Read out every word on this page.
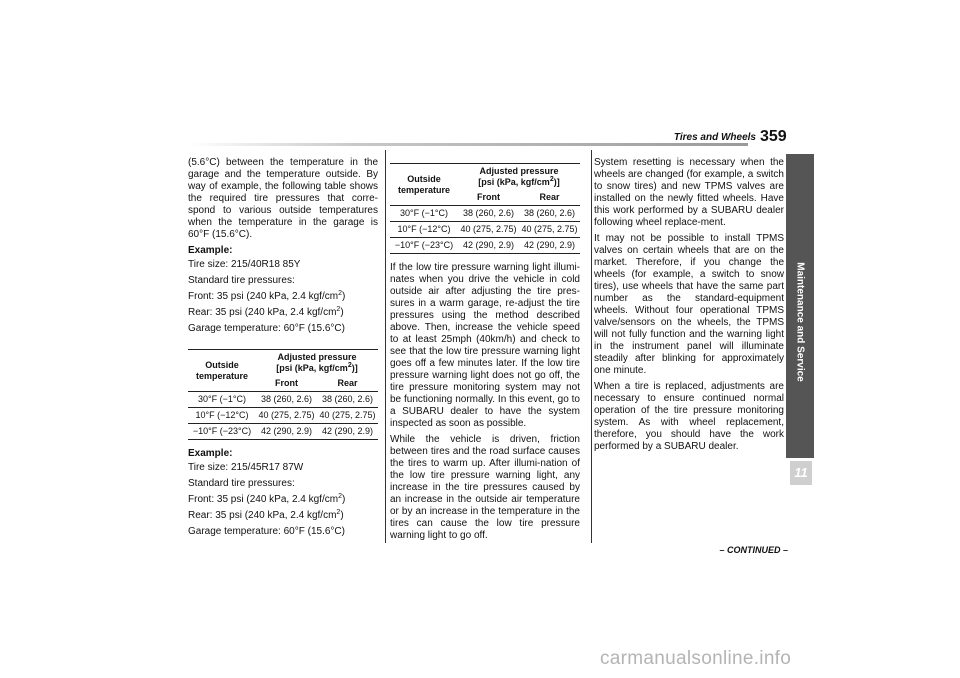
Tires and Wheels 359
Maintenance and Service
11

(5.6°C) between the temperature in the garage and the temperature outside. By way of example, the following table shows the required tire pressures that corre-spond to various outside temperatures when the temperature in the garage is 60°F (15.6°C).

Example:

Tire size: 215/40R18 85Y

Standard tire pressures:

Front: 35 psi (240 kPa, 2.4 kgf/$cm^2$)

Rear: 35 psi (240 kPa, 2.4 kgf/$cm^2$)

Garage temperature: 60°F (15.6°C)

Outside temperature	Adjusted pressure
[psi (kPa, kgf/$cm^2$)]	

	Front	Rear
30°F (−1°C)	38 (260, 2.6)	38 (260, 2.6)
10°F (−12°C)	40 (275, 2.75)	40 (275, 2.75)
−10°F (−23°C)	42 (290, 2.9)	42 (290, 2.9)

Example:

Tire size: 215/45R17 87W

Standard tire pressures:

Front: 35 psi (240 kPa, 2.4 kgf/$cm^2$)

Rear: 35 psi (240 kPa, 2.4 kgf/$cm^2$)

Garage temperature: 60°F (15.6°C)

Outside temperature	Adjusted pressure
[psi (kPa, kgf/$cm^2$)]	

	Front	Rear
30°F (−1°C)	38 (260, 2.6)	38 (260, 2.6)
10°F (−12°C)	40 (275, 2.75)	40 (275, 2.75)
−10°F (−23°C)	42 (290, 2.9)	42 (290, 2.9)

If the low tire pressure warning light illumi-nates when you drive the vehicle in cold outside air after adjusting the tire pres-sures in a warm garage, re-adjust the tire pressures using the method described above. Then, increase the vehicle speed to at least 25mph (40km/h) and check to see that the low tire pressure warning light goes off a few minutes later. If the low tire pressure warning light does not go off, the tire pressure monitoring system may not be functioning normally. In this event, go to a SUBARU dealer to have the system inspected as soon as possible.

While the vehicle is driven, friction between tires and the road surface causes the tires to warm up. After illumi-nation of the low tire pressure warning light, any increase in the tire pressures caused by an increase in the outside air temperature or by an increase in the temperature in the tires can cause the low tire pressure warning light to go off.

System resetting is necessary when the wheels are changed (for example, a switch to snow tires) and new TPMS valves are installed on the newly fitted wheels. Have this work performed by a SUBARU dealer following wheel replace-ment.

It may not be possible to install TPMS valves on certain wheels that are on the market. Therefore, if you change the wheels (for example, a switch to snow tires), use wheels that have the same part number as the standard-equipment wheels. Without four operational TPMS valve/sensors on the wheels, the TPMS will not fully function and the warning light in the instrument panel will illuminate steadily after blinking for approximately one minute.

When a tire is replaced, adjustments are necessary to ensure continued normal operation of the tire pressure monitoring system. As with wheel replacement, therefore, you should have the work performed by a SUBARU dealer.

– CONTINUED –
carmanualsonline.info
